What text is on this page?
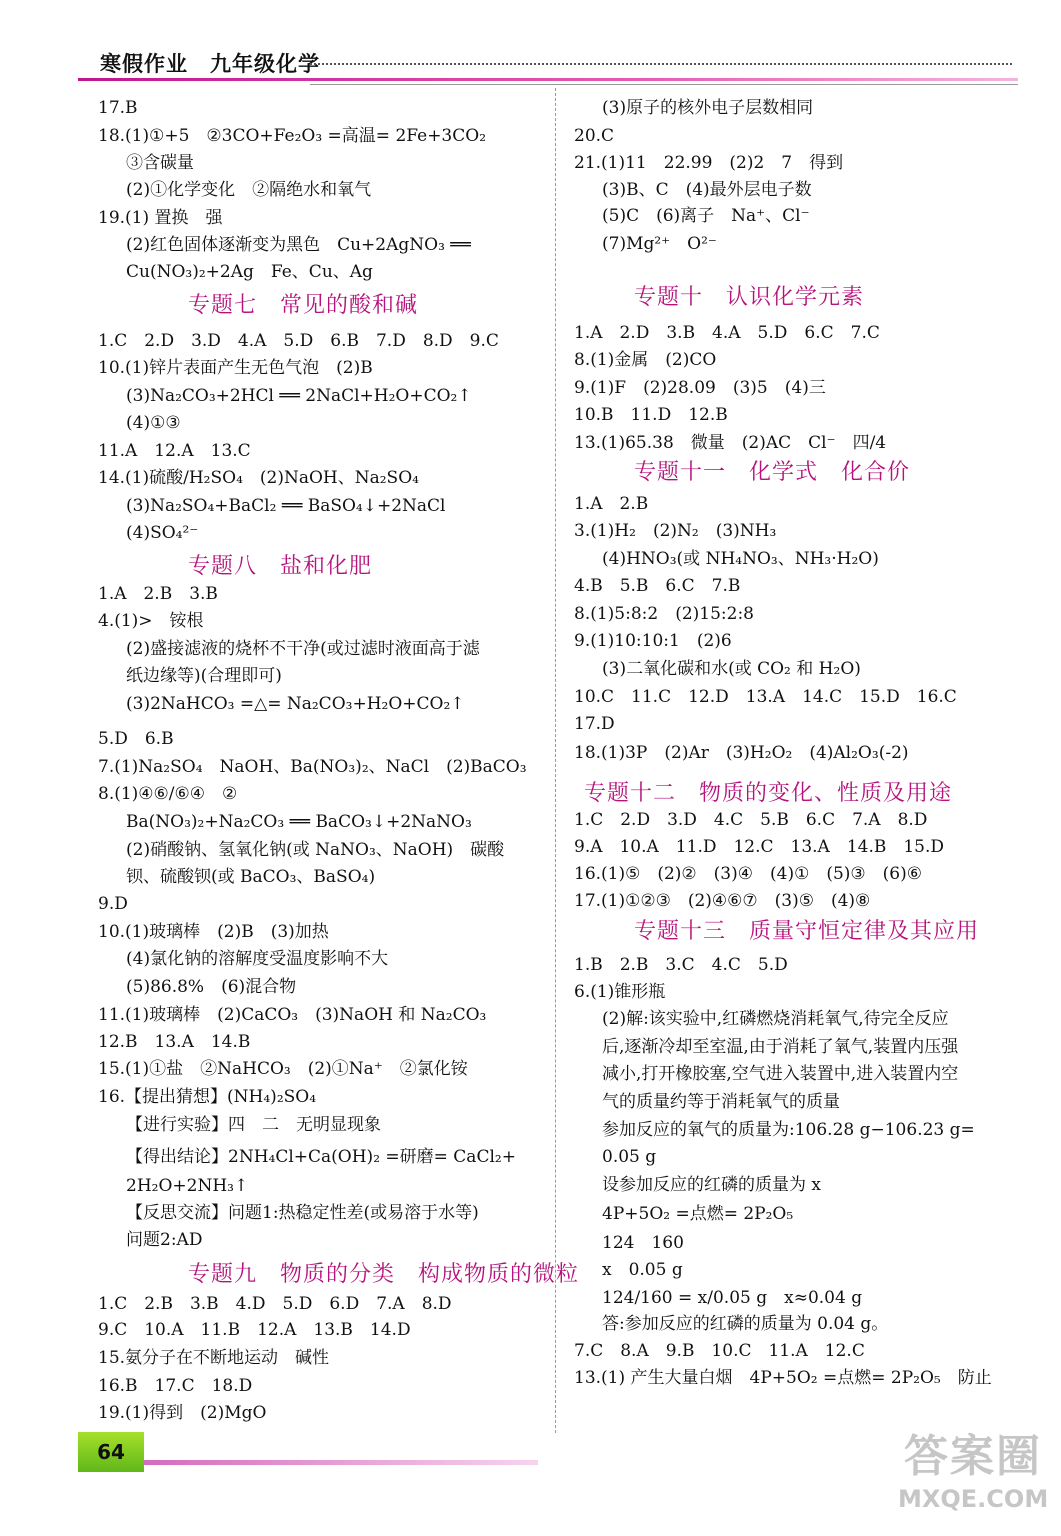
寒假作业　九年级化学
17.B
18.(1)①+5　②3CO+Fe₂O₃ =高温= 2Fe+3CO₂
③含碳量
(2)①化学变化　②隔绝水和氧气
19.(1) 置换　强
(2)红色固体逐渐变为黑色　Cu+2AgNO₃ ══
Cu(NO₃)₂+2Ag　Fe、Cu、Ag
专题七　常见的酸和碱
1.C　2.D　3.D　4.A　5.D　6.B　7.D　8.D　9.C
10.(1)锌片表面产生无色气泡　(2)B
(3)Na₂CO₃+2HCl ══ 2NaCl+H₂O+CO₂↑
(4)①③
11.A　12.A　13.C
14.(1)硫酸/H₂SO₄　(2)NaOH、Na₂SO₄
(3)Na₂SO₄+BaCl₂ ══ BaSO₄↓+2NaCl
(4)SO₄²⁻
专题八　盐和化肥
1.A　2.B　3.B
4.(1)>　铵根
(2)盛接滤液的烧杯不干净(或过滤时液面高于滤
纸边缘等)(合理即可)
(3)2NaHCO₃ =△= Na₂CO₃+H₂O+CO₂↑
5.D　6.B
7.(1)Na₂SO₄　NaOH、Ba(NO₃)₂、NaCl　(2)BaCO₃
8.(1)④⑥/⑥④　②
Ba(NO₃)₂+Na₂CO₃ ══ BaCO₃↓+2NaNO₃
(2)硝酸钠、氢氧化钠(或 NaNO₃、NaOH)　碳酸
钡、硫酸钡(或 BaCO₃、BaSO₄)
9.D
10.(1)玻璃棒　(2)B　(3)加热
(4)氯化钠的溶解度受温度影响不大
(5)86.8%　(6)混合物
11.(1)玻璃棒　(2)CaCO₃　(3)NaOH 和 Na₂CO₃
12.B　13.A　14.B
15.(1)①盐　②NaHCO₃　(2)①Na⁺　②氯化铵
16.【提出猜想】(NH₄)₂SO₄
【进行实验】四　二　无明显现象
【得出结论】2NH₄Cl+Ca(OH)₂ =研磨= CaCl₂+
2H₂O+2NH₃↑
【反思交流】问题1:热稳定性差(或易溶于水等)
问题2:AD
专题九　物质的分类　构成物质的微粒
1.C　2.B　3.B　4.D　5.D　6.D　7.A　8.D
9.C　10.A　11.B　12.A　13.B　14.D
15.氨分子在不断地运动　碱性
16.B　17.C　18.D
19.(1)得到　(2)MgO
(3)原子的核外电子层数相同
20.C
21.(1)11　22.99　(2)2　7　得到
(3)B、C　(4)最外层电子数
(5)C　(6)离子　Na⁺、Cl⁻
(7)Mg²⁺　O²⁻
专题十　认识化学元素
1.A　2.D　3.B　4.A　5.D　6.C　7.C
8.(1)金属　(2)CO
9.(1)F　(2)28.09　(3)5　(4)三
10.B　11.D　12.B
13.(1)65.38　微量　(2)AC　Cl⁻　四/4
专题十一　化学式　化合价
1.A　2.B
3.(1)H₂　(2)N₂　(3)NH₃
(4)HNO₃(或 NH₄NO₃、NH₃·H₂O)
4.B　5.B　6.C　7.B
8.(1)5:8:2　(2)15:2:8
9.(1)10:10:1　(2)6
(3)二氧化碳和水(或 CO₂ 和 H₂O)
10.C　11.C　12.D　13.A　14.C　15.D　16.C
17.D
18.(1)3P　(2)Ar　(3)H₂O₂　(4)Al₂O₃(-2)
专题十二　物质的变化、性质及用途
1.C　2.D　3.D　4.C　5.B　6.C　7.A　8.D
9.A　10.A　11.D　12.C　13.A　14.B　15.D
16.(1)⑤　(2)②　(3)④　(4)①　(5)③　(6)⑥
17.(1)①②③　(2)④⑥⑦　(3)⑤　(4)⑧
专题十三　质量守恒定律及其应用
1.B　2.B　3.C　4.C　5.D
6.(1)锥形瓶
(2)解:该实验中,红磷燃烧消耗氧气,待完全反应
后,逐渐冷却至室温,由于消耗了氧气,装置内压强
减小,打开橡胶塞,空气进入装置中,进入装置内空
气的质量约等于消耗氧气的质量
参加反应的氧气的质量为:106.28 g−106.23 g=
0.05 g
设参加反应的红磷的质量为 x
4P+5O₂ =点燃= 2P₂O₅
124　160
x　0.05 g
124/160 = x/0.05 g　x≈0.04 g
答:参加反应的红磷的质量为 0.04 g。
7.C　8.A　9.B　10.C　11.A　12.C
13.(1) 产生大量白烟　4P+5O₂ =点燃= 2P₂O₅　防止
64	答案圈
MXQE.COM
